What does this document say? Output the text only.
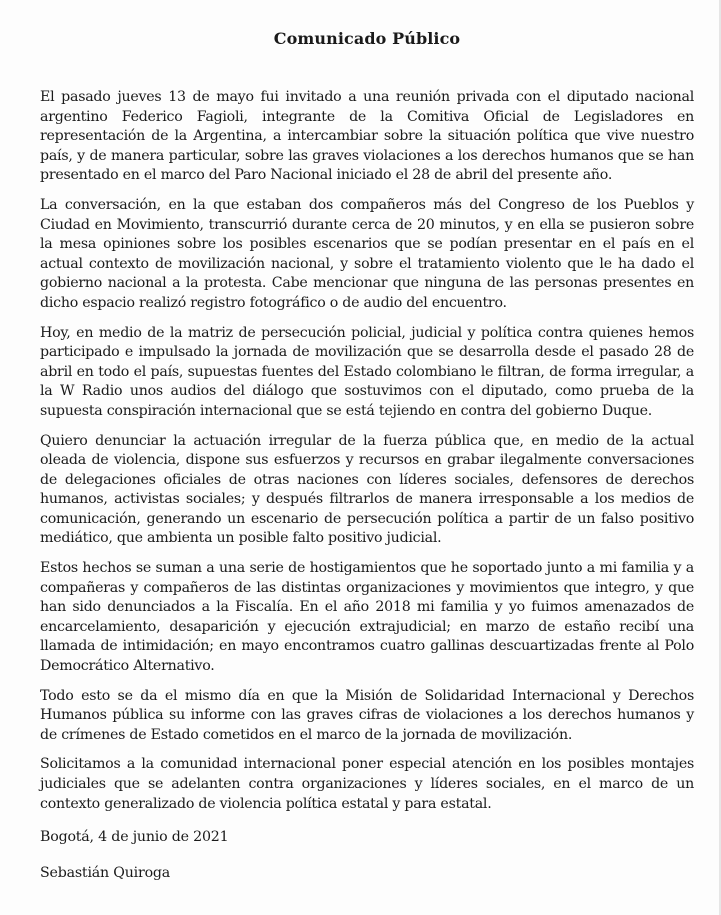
Comunicado Público

El pasado jueves 13 de mayo fui invitado a una reunión privada con el diputado nacional argentino Federico Fagioli, integrante de la Comitiva Oficial de Legisladores en representación de la Argentina, a intercambiar sobre la situación política que vive nuestro país, y de manera particular, sobre las graves violaciones a los derechos humanos que se han presentado en el marco del Paro Nacional iniciado el 28 de abril del presente año.

La conversación, en la que estaban dos compañeros más del Congreso de los Pueblos y Ciudad en Movimiento, transcurrió durante cerca de 20 minutos, y en ella se pusieron sobre la mesa opiniones sobre los posibles escenarios que se podían presentar en el país en el actual contexto de movilización nacional, y sobre el tratamiento violento que le ha dado el gobierno nacional a la protesta. Cabe mencionar que ninguna de las personas presentes en dicho espacio realizó registro fotográfico o de audio del encuentro.

Hoy, en medio de la matriz de persecución policial, judicial y política contra quienes hemos participado e impulsado la jornada de movilización que se desarrolla desde el pasado 28 de abril en todo el país, supuestas fuentes del Estado colombiano le filtran, de forma irregular, a la W Radio unos audios del diálogo que sostuvimos con el diputado, como prueba de la supuesta conspiración internacional que se está tejiendo en contra del gobierno Duque.

Quiero denunciar la actuación irregular de la fuerza pública que, en medio de la actual oleada de violencia, dispone sus esfuerzos y recursos en grabar ilegalmente conversaciones de delegaciones oficiales de otras naciones con líderes sociales, defensores de derechos humanos, activistas sociales; y después filtrarlos de manera irresponsable a los medios de comunicación, generando un escenario de persecución política a partir de un falso positivo mediático, que ambienta un posible falto positivo judicial.

Estos hechos se suman a una serie de hostigamientos que he soportado junto a mi familia y a compañeras y compañeros de las distintas organizaciones y movimientos que integro, y que han sido denunciados a la Fiscalía. En el año 2018 mi familia y yo fuimos amenazados de encarcelamiento, desaparición y ejecución extrajudicial; en marzo de estaño recibí una llamada de intimidación; en mayo encontramos cuatro gallinas descuartizadas frente al Polo Democrático Alternativo.

Todo esto se da el mismo día en que la Misión de Solidaridad Internacional y Derechos Humanos pública su informe con las graves cifras de violaciones a los derechos humanos y de crímenes de Estado cometidos en el marco de la jornada de movilización.

Solicitamos a la comunidad internacional poner especial atención en los posibles montajes judiciales que se adelanten contra organizaciones y líderes sociales, en el marco de un contexto generalizado de violencia política estatal y para estatal.

Bogotá, 4 de junio de 2021
Sebastián Quiroga
